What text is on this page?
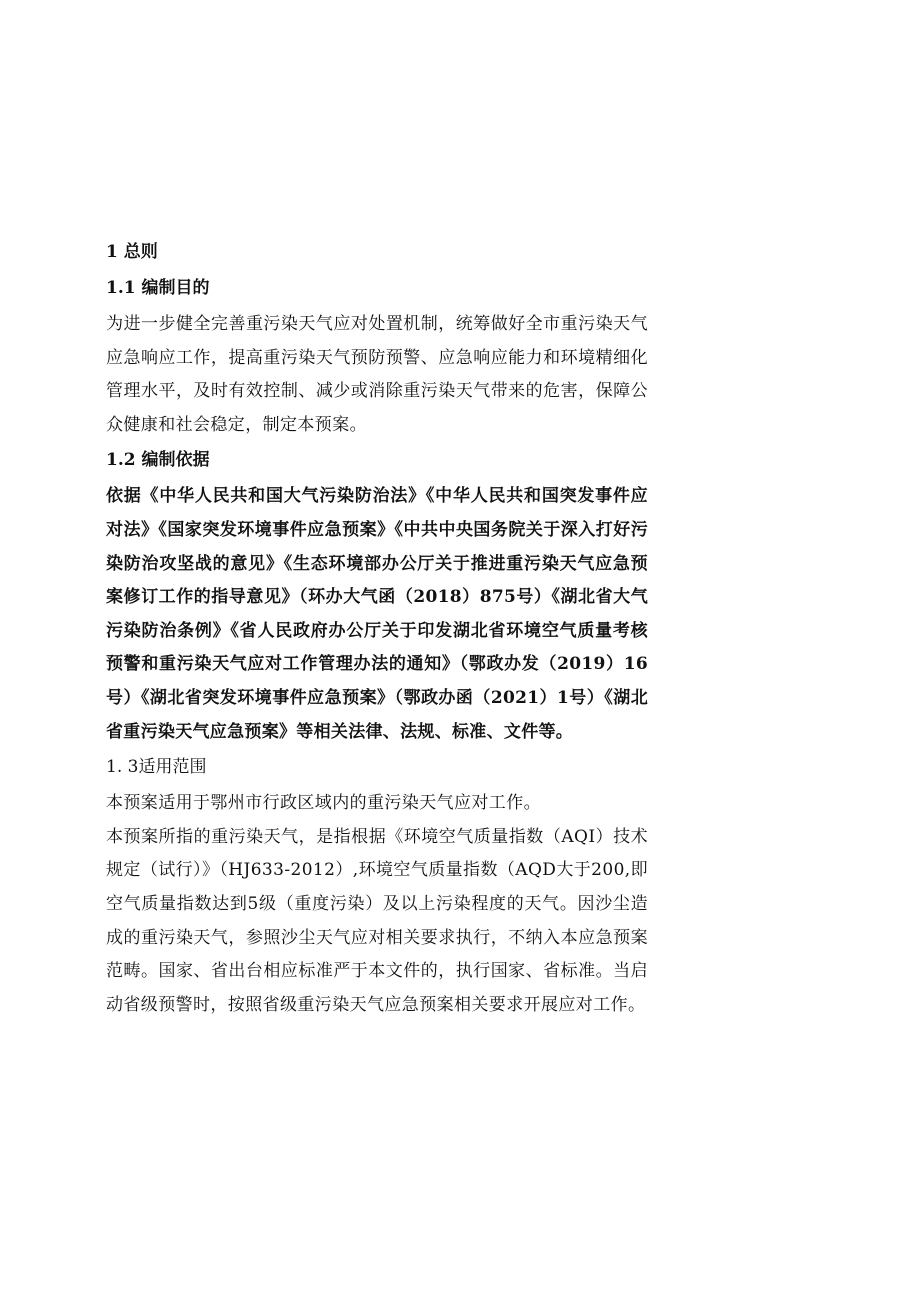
1 总则

1.1 编制目的

为进一步健全完善重污染天气应对处置机制，统筹做好全市重污染天气应急响应工作，提高重污染天气预防预警、应急响应能力和环境精细化管理水平，及时有效控制、减少或消除重污染天气带来的危害，保障公众健康和社会稳定，制定本预案。

1.2 编制依据

依据《中华人民共和国大气污染防治法》《中华人民共和国突发事件应对法》《国家突发环境事件应急预案》《中共中央国务院关于深入打好污染防治攻坚战的意见》《生态环境部办公厅关于推进重污染天气应急预案修订工作的指导意见》（环办大气函（2018）875号）《湖北省大气污染防治条例》《省人民政府办公厅关于印发湖北省环境空气质量考核预警和重污染天气应对工作管理办法的通知》（鄂政办发（2019）16号）《湖北省突发环境事件应急预案》（鄂政办函（2021）1号）《湖北省重污染天气应急预案》等相关法律、法规、标准、文件等。

1. 3适用范围

本预案适用于鄂州市行政区域内的重污染天气应对工作。

本预案所指的重污染天气，是指根据《环境空气质量指数（AQI）技术规定（试行）》（HJ633-2012）,环境空气质量指数（AQD大于200,即空气质量指数达到5级（重度污染）及以上污染程度的天气。因沙尘造成的重污染天气，参照沙尘天气应对相关要求执行，不纳入本应急预案范畴。国家、省出台相应标准严于本文件的，执行国家、省标准。当启动省级预警时，按照省级重污染天气应急预案相关要求开展应对工作。
